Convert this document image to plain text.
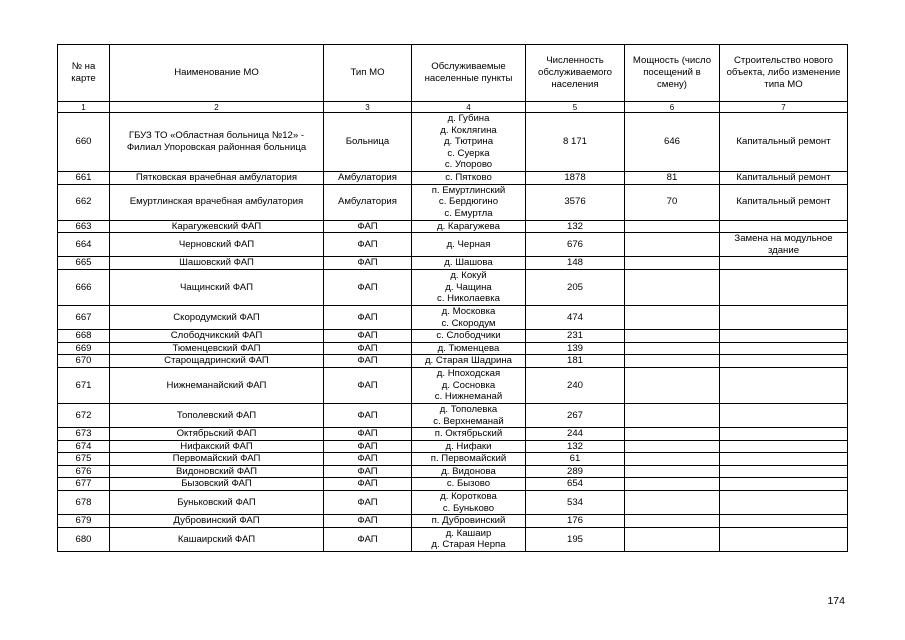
№ на карте	Наименование МО	Тип МО	Обслуживаемые населенные пункты	Численность обслуживаемого населения	Мощность (число посещений в смену)	Строительство нового объекта, либо изменение типа МО
1	2	3	4	5	6	7
660	ГБУЗ ТО «Областная больница №12» - Филиал Упоровская районная больница	Больница	д. Губина
д. Коклягина
д. Тютрина
с. Суерка
с. Упорово	8 171	646	Капитальный ремонт
661	Пятковская врачебная амбулатория	Амбулатория	с. Пятково	1878	81	Капитальный ремонт
662	Емуртлинская врачебная амбулатория	Амбулатория	п. Емуртлинский
с. Бердюгино
с. Емуртла	3576	70	Капитальный ремонт
663	Карагужевский ФАП	ФАП	д. Карагужева	132		
664	Черновский ФАП	ФАП	д. Черная	676		Замена на модульное здание
665	Шашовский ФАП	ФАП	д. Шашова	148		
666	Чащинский ФАП	ФАП	д. Кокуй
д. Чащина
с. Николаевка	205		
667	Скородумский ФАП	ФАП	д. Московка
с. Скородум	474		
668	Слободчикский ФАП	ФАП	с. Слободчики	231		
669	Тюменцевский ФАП	ФАП	д. Тюменцева	139		
670	Старощадринский ФАП	ФАП	д. Старая Шадрина	181		
671	Нижнеманайский ФАП	ФАП	д. Нпоходская
д. Сосновка
с. Нижнеманай	240		
672	Тополевский ФАП	ФАП	д. Тополевка
с. Верхнеманай	267		
673	Октябрьский ФАП	ФАП	п. Октябрьский	244		
674	Нифакский ФАП	ФАП	д. Нифаки	132		
675	Первомайский ФАП	ФАП	п. Первомайский	61		
676	Видоновский ФАП	ФАП	д. Видонова	289		
677	Бызовский ФАП	ФАП	с. Бызово	654		
678	Буньковский ФАП	ФАП	д. Короткова
с. Буньково	534		
679	Дубровинский ФАП	ФАП	п. Дубровинский	176		
680	Кашаирский ФАП	ФАП	д. Кашаир
д. Старая Нерпа	195		
174
